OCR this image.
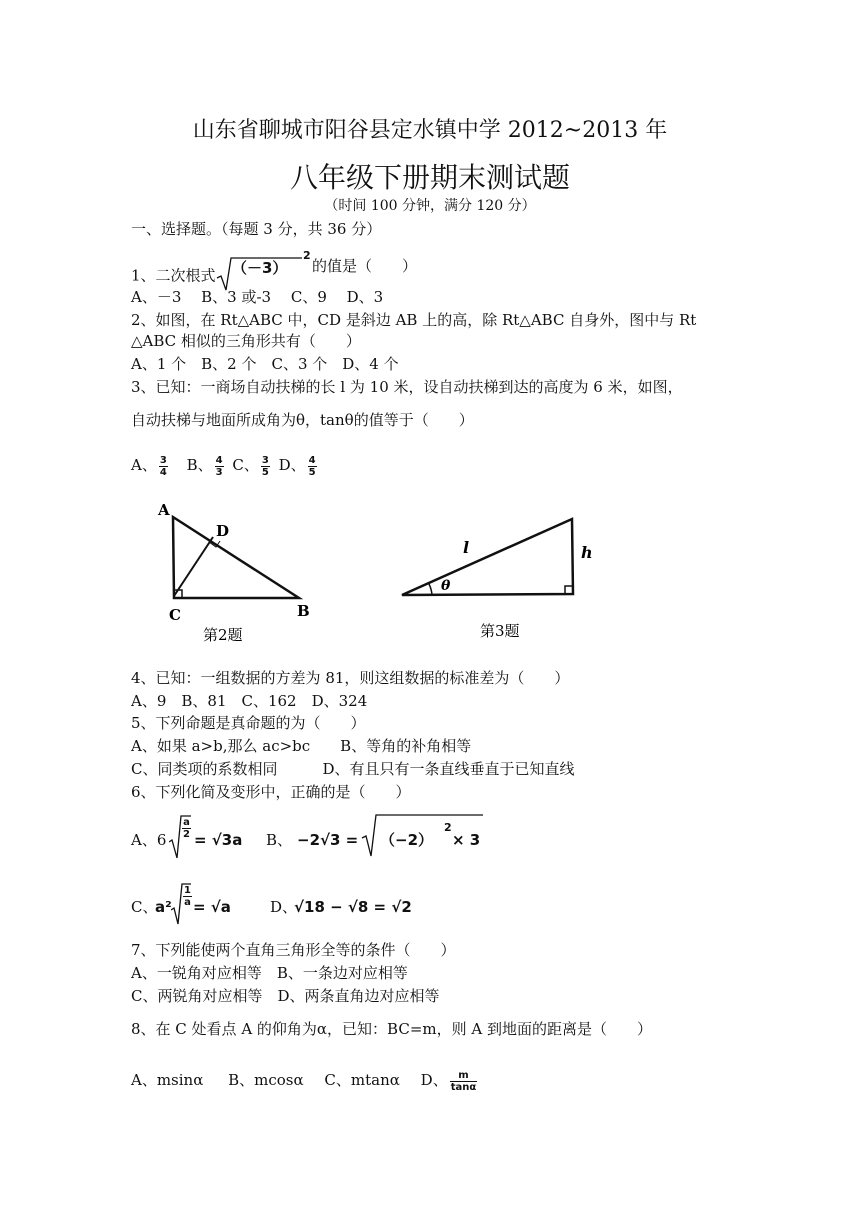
山东省聊城市阳谷县定水镇中学 2012~2013 年
八年级下册期末测试题
（时间 100 分钟，满分 120 分）
一、选择题。（每题 3 分，共 36 分）
1、二次根式 （－3）
2
的值是（　　）
A、－3　 B、3 或-3　 C、9　 D、3
2、如图，在 Rt△ABC 中，CD 是斜边 AB 上的高，除 Rt△ABC 自身外，图中与 Rt
△ABC 相似的三角形共有（　　）
A、1 个　B、2 个　C、3 个　D、4 个
3、已知：一商场自动扶梯的长 l 为 10 米，设自动扶梯到达的高度为 6 米，如图，
自动扶梯与地面所成角为θ，tanθ的值等于（　　）
A、 $\frac{3}{4}$ B、 $\frac{4}{3}$ C、 $\frac{3}{5}$ D、 $\frac{4}{5}$
A
D
C	B
第2题
l	h
θ
第3题
4、已知：一组数据的方差为 81，则这组数据的标准差为（　　）
A、9　B、81　C、162　D、324
5、下列命题是真命题的为（　　）
A、如果 a>b,那么 ac>bc　　B、等角的补角相等
C、同类项的系数相同　　　D、有且只有一条直线垂直于已知直线
6、下列化简及变形中，正确的是（　　）
A、$6 \frac{a}{2} = √3a$ B、 −2√3 = （−2）
2
× 3
C、
$a^2 \frac{1}{a} = √a$	D、
√18 − √8 = √2
7、下列能使两个直角三角形全等的条件（　　）
A、一锐角对应相等　B、一条边对应相等
C、两锐角对应相等　D、两条直角边对应相等
8、在 C 处看点 A 的仰角为α，已知：BC=m，则 A 到地面的距离是（　　）
A、msinα B、mcosα C、mtanα D、 $\frac{m}{\tan\alpha}$
